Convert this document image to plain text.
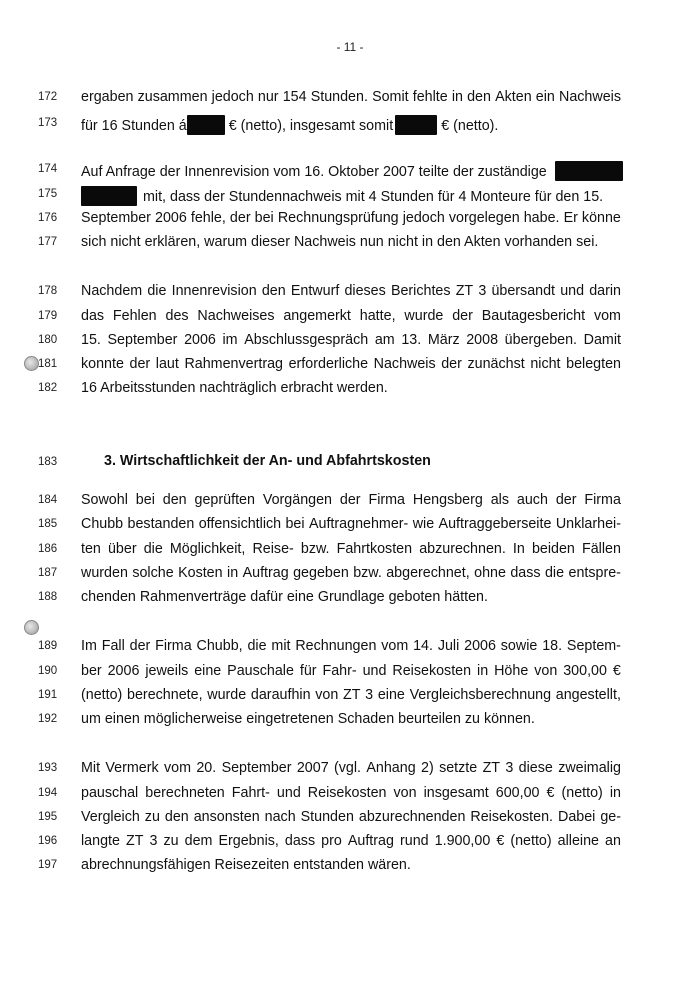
- 11 -
172 ergaben zusammen jedoch nur 154 Stunden. Somit fehlte in den Akten ein Nachweis
173 für 16 Stunden á	€ (netto), insgesamt somit	€ (netto).
174 Auf Anfrage der Innenrevision vom 16. Oktober 2007 teilte der zuständige
175	mit, dass der Stundennachweis mit 4 Stunden für 4 Monteure für den 15.
176 September 2006 fehle, der bei Rechnungsprüfung jedoch vorgelegen habe. Er könne
177 sich nicht erklären, warum dieser Nachweis nun nicht in den Akten vorhanden sei.
178 Nachdem die Innenrevision den Entwurf dieses Berichtes ZT 3 übersandt und darin
179 das Fehlen des Nachweises angemerkt hatte, wurde der Bautagesbericht vom
180 15. September 2006 im Abschlussgespräch am 13. März 2008 übergeben. Damit
181 konnte der laut Rahmenvertrag erforderliche Nachweis der zunächst nicht belegten
182 16 Arbeitsstunden nachträglich erbracht werden.
183	3. Wirtschaftlichkeit der An- und Abfahrtskosten
184 Sowohl bei den geprüften Vorgängen der Firma Hengsberg als auch der Firma
185 Chubb bestanden offensichtlich bei Auftragnehmer- wie Auftraggeberseite Unklarhei-
186 ten über die Möglichkeit, Reise- bzw. Fahrtkosten abzurechnen. In beiden Fällen
187 wurden solche Kosten in Auftrag gegeben bzw. abgerechnet, ohne dass die entspre-
188 chenden Rahmenverträge dafür eine Grundlage geboten hätten.
189 Im Fall der Firma Chubb, die mit Rechnungen vom 14. Juli 2006 sowie 18. Septem-
190 ber 2006 jeweils eine Pauschale für Fahr- und Reisekosten in Höhe von 300,00 €
191 (netto) berechnete, wurde daraufhin von ZT 3 eine Vergleichsberechnung angestellt,
192 um einen möglicherweise eingetretenen Schaden beurteilen zu können.
193 Mit Vermerk vom 20. September 2007 (vgl. Anhang 2) setzte ZT 3 diese zweimalig
194 pauschal berechneten Fahrt- und Reisekosten von insgesamt 600,00 € (netto) in
195 Vergleich zu den ansonsten nach Stunden abzurechnenden Reisekosten. Dabei ge-
196 langte ZT 3 zu dem Ergebnis, dass pro Auftrag rund 1.900,00 € (netto) alleine an
197 abrechnungsfähigen Reisezeiten entstanden wären.
